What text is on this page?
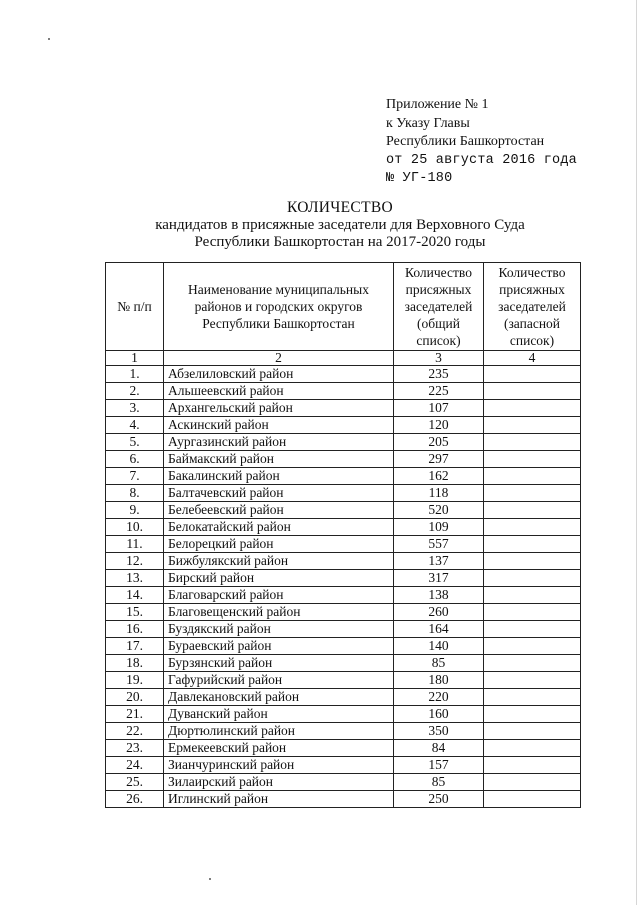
Приложение № 1
к Указу Главы
Республики Башкортостан
от 25 августа 2016 года
№ УГ-180
КОЛИЧЕСТВО
кандидатов в присяжные заседатели для Верховного Суда
Республики Башкортостан на 2017-2020 годы
№ п/п	Наименование муниципальных районов и городских округов Республики Башкортостан	Количество присяжных заседателей (общий список)	Количество присяжных заседателей (запасной список)
1	2	3	4
1.	Абзелиловский район	235	
2.	Альшеевский район	225	
3.	Архангельский район	107	
4.	Аскинский район	120	
5.	Аургазинский район	205	
6.	Баймакский район	297	
7.	Бакалинский район	162	
8.	Балтачевский район	118	
9.	Белебеевский район	520	
10.	Белокатайский район	109	
11.	Белорецкий район	557	
12.	Бижбулякский район	137	
13.	Бирский район	317	
14.	Благоварский район	138	
15.	Благовещенский район	260	
16.	Буздякский район	164	
17.	Бураевский район	140	
18.	Бурзянский район	85	
19.	Гафурийский район	180	
20.	Давлекановский район	220	
21.	Дуванский район	160	
22.	Дюртюлинский район	350	
23.	Ермекеевский район	84	
24.	Зианчуринский район	157	
25.	Зилаирский район	85	
26.	Иглинский район	250	
